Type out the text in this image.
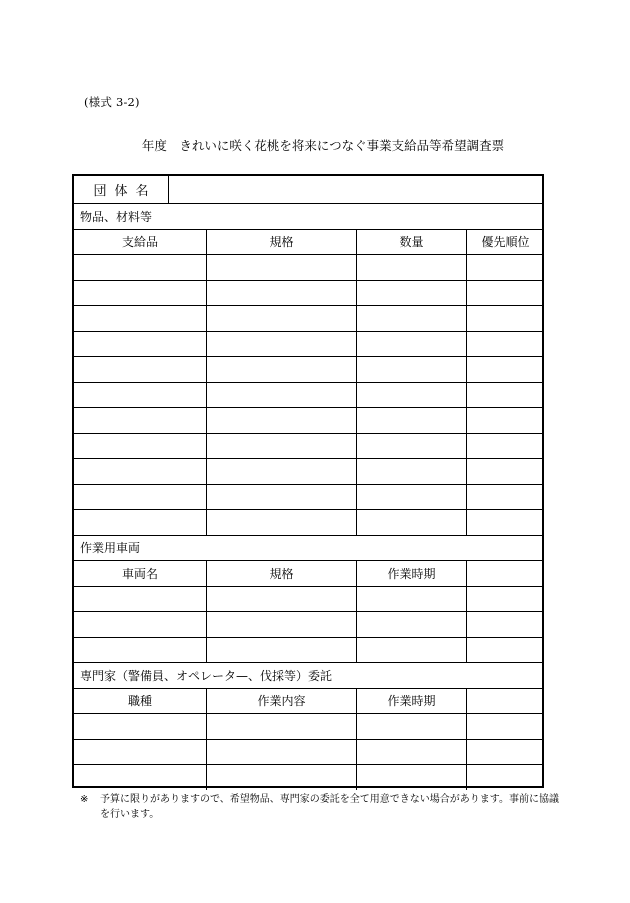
(様式 3-2)
年度　きれいに咲く花桃を将来につなぐ事業支給品等希望調査票
団体名
物品、材料等
支給品	規格	数量	優先順位
作業用車両
車両名	規格	作業時期
専門家（警備員、オペレータ—、伐採等）委託
職種	作業内容	作業時期
※	予算に限りがありますので、希望物品、専門家の委託を全て用意できない場合があります。事前に協議を行います。
